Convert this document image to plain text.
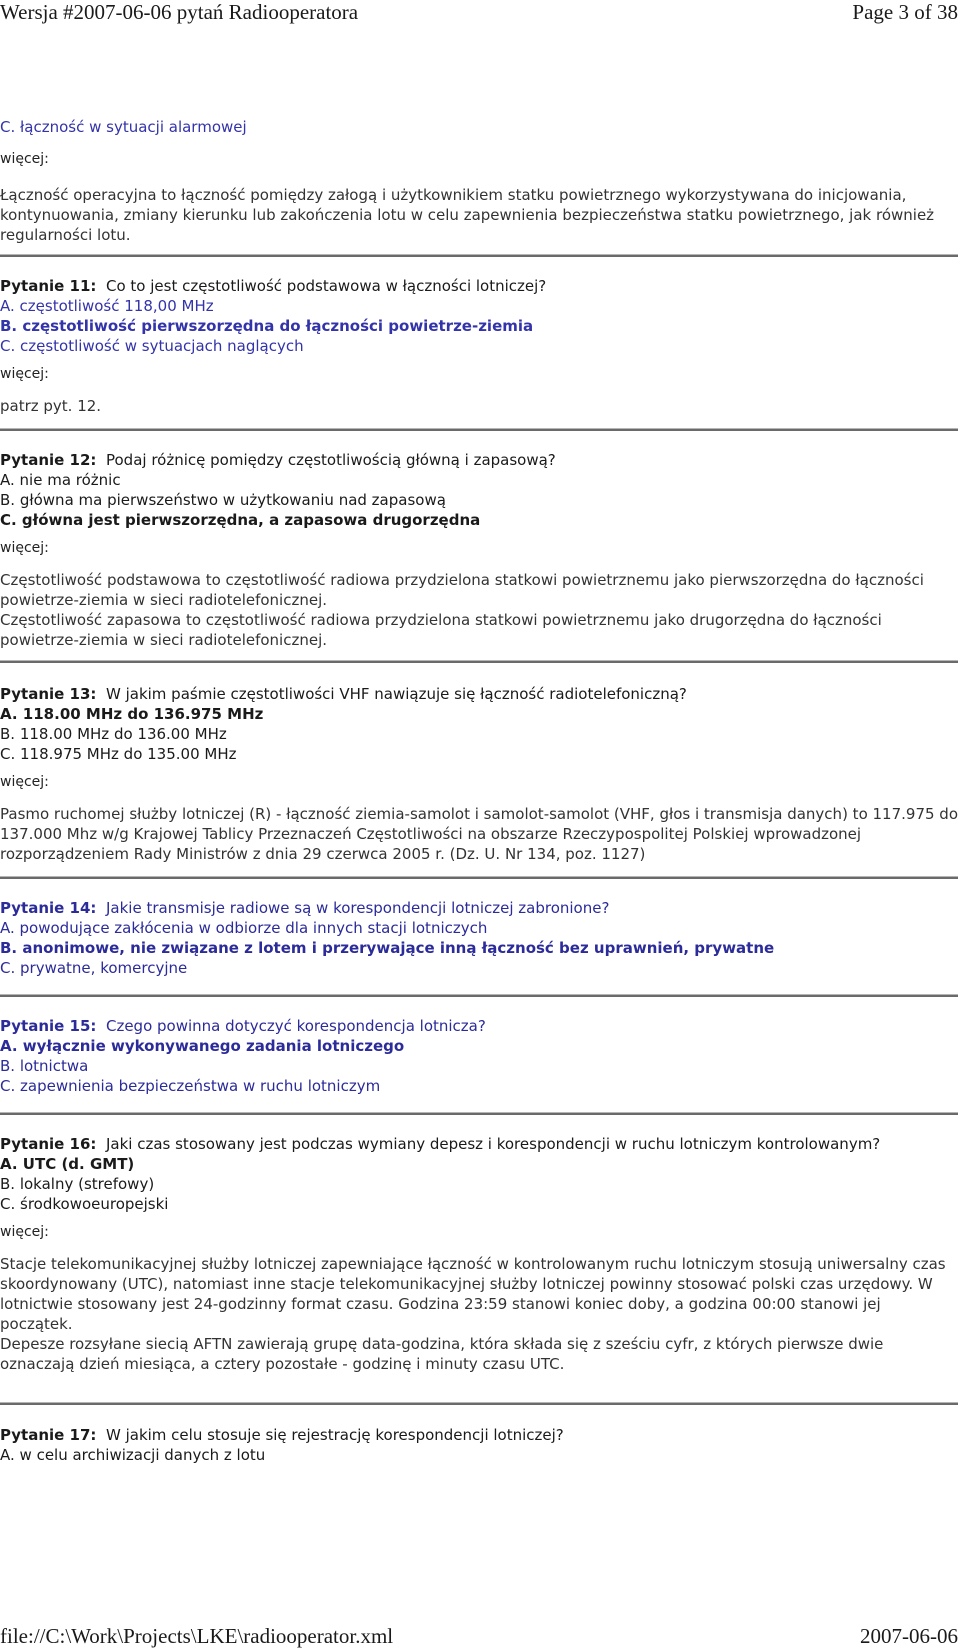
Wersja #2007-06-06 pytań Radiooperatora	Page 3 of 38
C. łączność w sytuacji alarmowej
więcej:
Łączność operacyjna to łączność pomiędzy załogą i użytkownikiem statku powietrznego wykorzystywana do inicjowania, kontynuowania, zmiany kierunku lub zakończenia lotu w celu zapewnienia bezpieczeństwa statku powietrznego, jak również regularności lotu.
Pytanie 11: Co to jest częstotliwość podstawowa w łączności lotniczej?
A. częstotliwość 118,00 MHz
B. częstotliwość pierwszorzędna do łączności powietrze-ziemia
C. częstotliwość w sytuacjach naglących
więcej:
patrz pyt. 12.
Pytanie 12: Podaj różnicę pomiędzy częstotliwością główną i zapasową?
A. nie ma różnic
B. główna ma pierwszeństwo w użytkowaniu nad zapasową
C. główna jest pierwszorzędna, a zapasowa drugorzędna
więcej:
Częstotliwość podstawowa to częstotliwość radiowa przydzielona statkowi powietrznemu jako pierwszorzędna do łączności powietrze-ziemia w sieci radiotelefonicznej.
Częstotliwość zapasowa to częstotliwość radiowa przydzielona statkowi powietrznemu jako drugorzędna do łączności powietrze-ziemia w sieci radiotelefonicznej.
Pytanie 13: W jakim paśmie częstotliwości VHF nawiązuje się łączność radiotelefoniczną?
A. 118.00 MHz do 136.975 MHz
B. 118.00 MHz do 136.00 MHz
C. 118.975 MHz do 135.00 MHz
więcej:
Pasmo ruchomej służby lotniczej (R) - łączność ziemia-samolot i samolot-samolot (VHF, głos i transmisja danych) to 117.975 do 137.000 Mhz w/g Krajowej Tablicy Przeznaczeń Częstotliwości na obszarze Rzeczypospolitej Polskiej wprowadzonej rozporządzeniem Rady Ministrów z dnia 29 czerwca 2005 r. (Dz. U. Nr 134, poz. 1127)
Pytanie 14: Jakie transmisje radiowe są w korespondencji lotniczej zabronione?
A. powodujące zakłócenia w odbiorze dla innych stacji lotniczych
B. anonimowe, nie związane z lotem i przerywające inną łączność bez uprawnień, prywatne
C. prywatne, komercyjne
Pytanie 15: Czego powinna dotyczyć korespondencja lotnicza?
A. wyłącznie wykonywanego zadania lotniczego
B. lotnictwa
C. zapewnienia bezpieczeństwa w ruchu lotniczym
Pytanie 16: Jaki czas stosowany jest podczas wymiany depesz i korespondencji w ruchu lotniczym kontrolowanym?
A. UTC (d. GMT)
B. lokalny (strefowy)
C. środkowoeuropejski
więcej:
Stacje telekomunikacyjnej służby lotniczej zapewniające łączność w kontrolowanym ruchu lotniczym stosują uniwersalny czas skoordynowany (UTC), natomiast inne stacje telekomunikacyjnej służby lotniczej powinny stosować polski czas urzędowy. W lotnictwie stosowany jest 24-godzinny format czasu. Godzina 23:59 stanowi koniec doby, a godzina 00:00 stanowi jej początek.
Depesze rozsyłane siecią AFTN zawierają grupę data-godzina, która składa się z sześciu cyfr, z których pierwsze dwie oznaczają dzień miesiąca, a cztery pozostałe - godzinę i minuty czasu UTC.
Pytanie 17: W jakim celu stosuje się rejestrację korespondencji lotniczej?
A. w celu archiwizacji danych z lotu
file://C:\Work\Projects\LKE\radiooperator.xml	2007-06-06
